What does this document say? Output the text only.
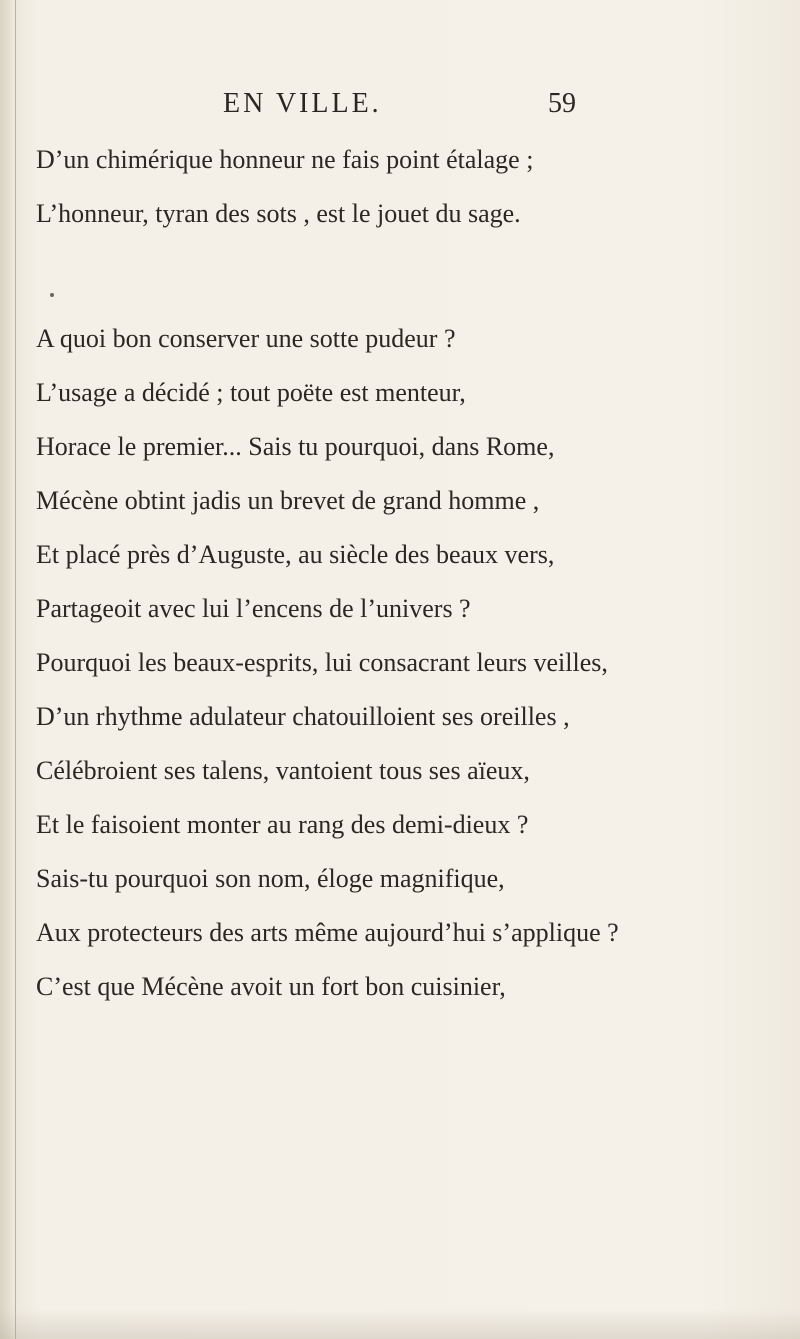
EN VILLE.	59
D’un chimérique honneur ne fais point étalage ;
L’honneur, tyran des sots , est le jouet du sage.
A quoi bon conserver une sotte pudeur ?
L’usage a décidé ; tout poëte est menteur,
Horace le premier... Sais tu pourquoi, dans Rome,
Mécène obtint jadis un brevet de grand homme ,
Et placé près d’Auguste, au siècle des beaux vers,
Partageoit avec lui l’encens de l’univers ?
Pourquoi les beaux-esprits, lui consacrant leurs veilles,
D’un rhythme adulateur chatouilloient ses oreilles ,
Célébroient ses talens, vantoient tous ses aïeux,
Et le faisoient monter au rang des demi-dieux ?
Sais-tu pourquoi son nom, éloge magnifique,
Aux protecteurs des arts même aujourd’hui s’applique ?
C’est que Mécène avoit un fort bon cuisinier,
